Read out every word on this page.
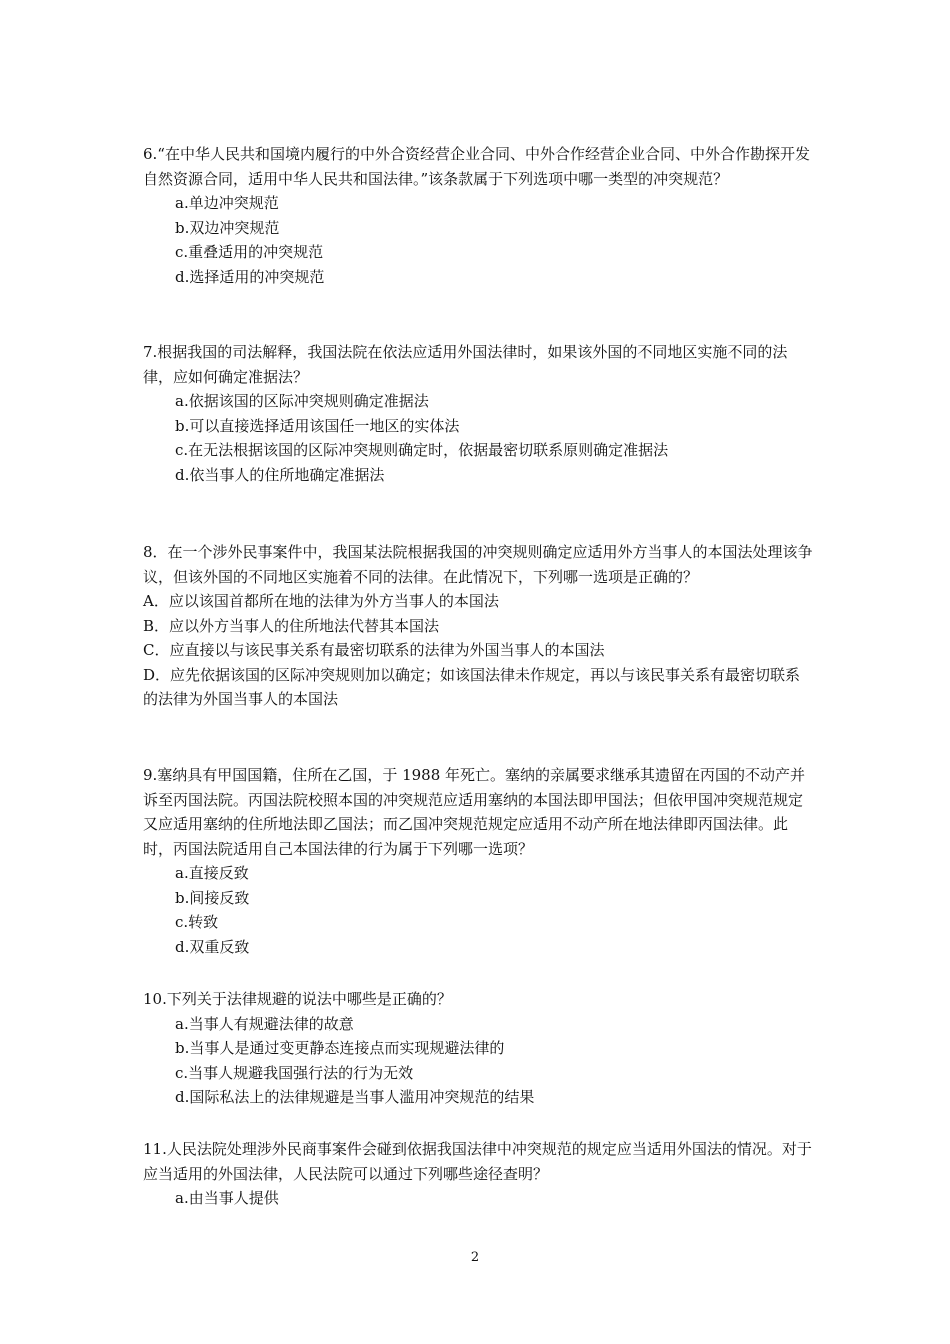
6.“在中华人民共和国境内履行的中外合资经营企业合同、中外合作经营企业合同、中外合作勘探开发自然资源合同，适用中华人民共和国法律。”该条款属于下列选项中哪一类型的冲突规范？

a.单边冲突规范
b.双边冲突规范
c.重叠适用的冲突规范
d.选择适用的冲突规范

7.根据我国的司法解释，我国法院在依法应适用外国法律时，如果该外国的不同地区实施不同的法律，应如何确定准据法？

a.依据该国的区际冲突规则确定准据法
b.可以直接选择适用该国任一地区的实体法
c.在无法根据该国的区际冲突规则确定时，依据最密切联系原则确定准据法
d.依当事人的住所地确定准据法

8．在一个涉外民事案件中，我国某法院根据我国的冲突规则确定应适用外方当事人的本国法处理该争议，但该外国的不同地区实施着不同的法律。在此情况下，下列哪一选项是正确的？

A．应以该国首都所在地的法律为外方当事人的本国法
B．应以外方当事人的住所地法代替其本国法
C．应直接以与该民事关系有最密切联系的法律为外国当事人的本国法
D．应先依据该国的区际冲突规则加以确定；如该国法律未作规定，再以与该民事关系有最密切联系的法律为外国当事人的本国法

9.塞纳具有甲国国籍，住所在乙国，于 1988 年死亡。塞纳的亲属要求继承其遗留在丙国的不动产并诉至丙国法院。丙国法院校照本国的冲突规范应适用塞纳的本国法即甲国法；但依甲国冲突规范规定又应适用塞纳的住所地法即乙国法；而乙国冲突规范规定应适用不动产所在地法律即丙国法律。此时，丙国法院适用自己本国法律的行为属于下列哪一选项？

a.直接反致
b.间接反致
c.转致
d.双重反致

10.下列关于法律规避的说法中哪些是正确的？

a.当事人有规避法律的故意
b.当事人是通过变更静态连接点而实现规避法律的
c.当事人规避我国强行法的行为无效
d.国际私法上的法律规避是当事人滥用冲突规范的结果

11.人民法院处理涉外民商事案件会碰到依据我国法律中冲突规范的规定应当适用外国法的情况。对于应当适用的外国法律，人民法院可以通过下列哪些途径查明？

a.由当事人提供
2
